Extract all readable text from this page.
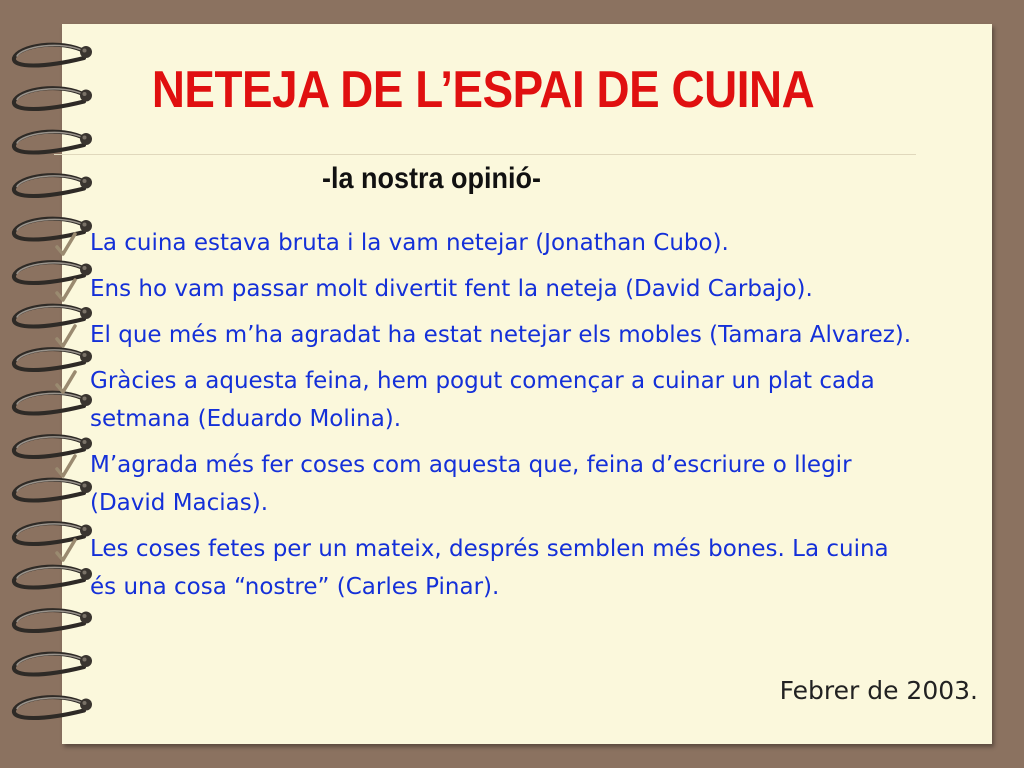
NETEJA DE L’ESPAI DE CUINA
-la nostra opinió-
La cuina estava bruta i la vam netejar (Jonathan Cubo).
Ens ho vam passar molt divertit fent la neteja (David Carbajo).
El que més m’ha agradat ha estat netejar els mobles (Tamara Alvarez).
Gràcies a aquesta feina, hem pogut començar a cuinar un plat cada setmana (Eduardo Molina).
M’agrada més fer coses com aquesta que, feina d’escriure o llegir (David Macias).
Les coses fetes per un mateix, després semblen més bones. La cuina és una cosa “nostre” (Carles Pinar).
Febrer de 2003.
